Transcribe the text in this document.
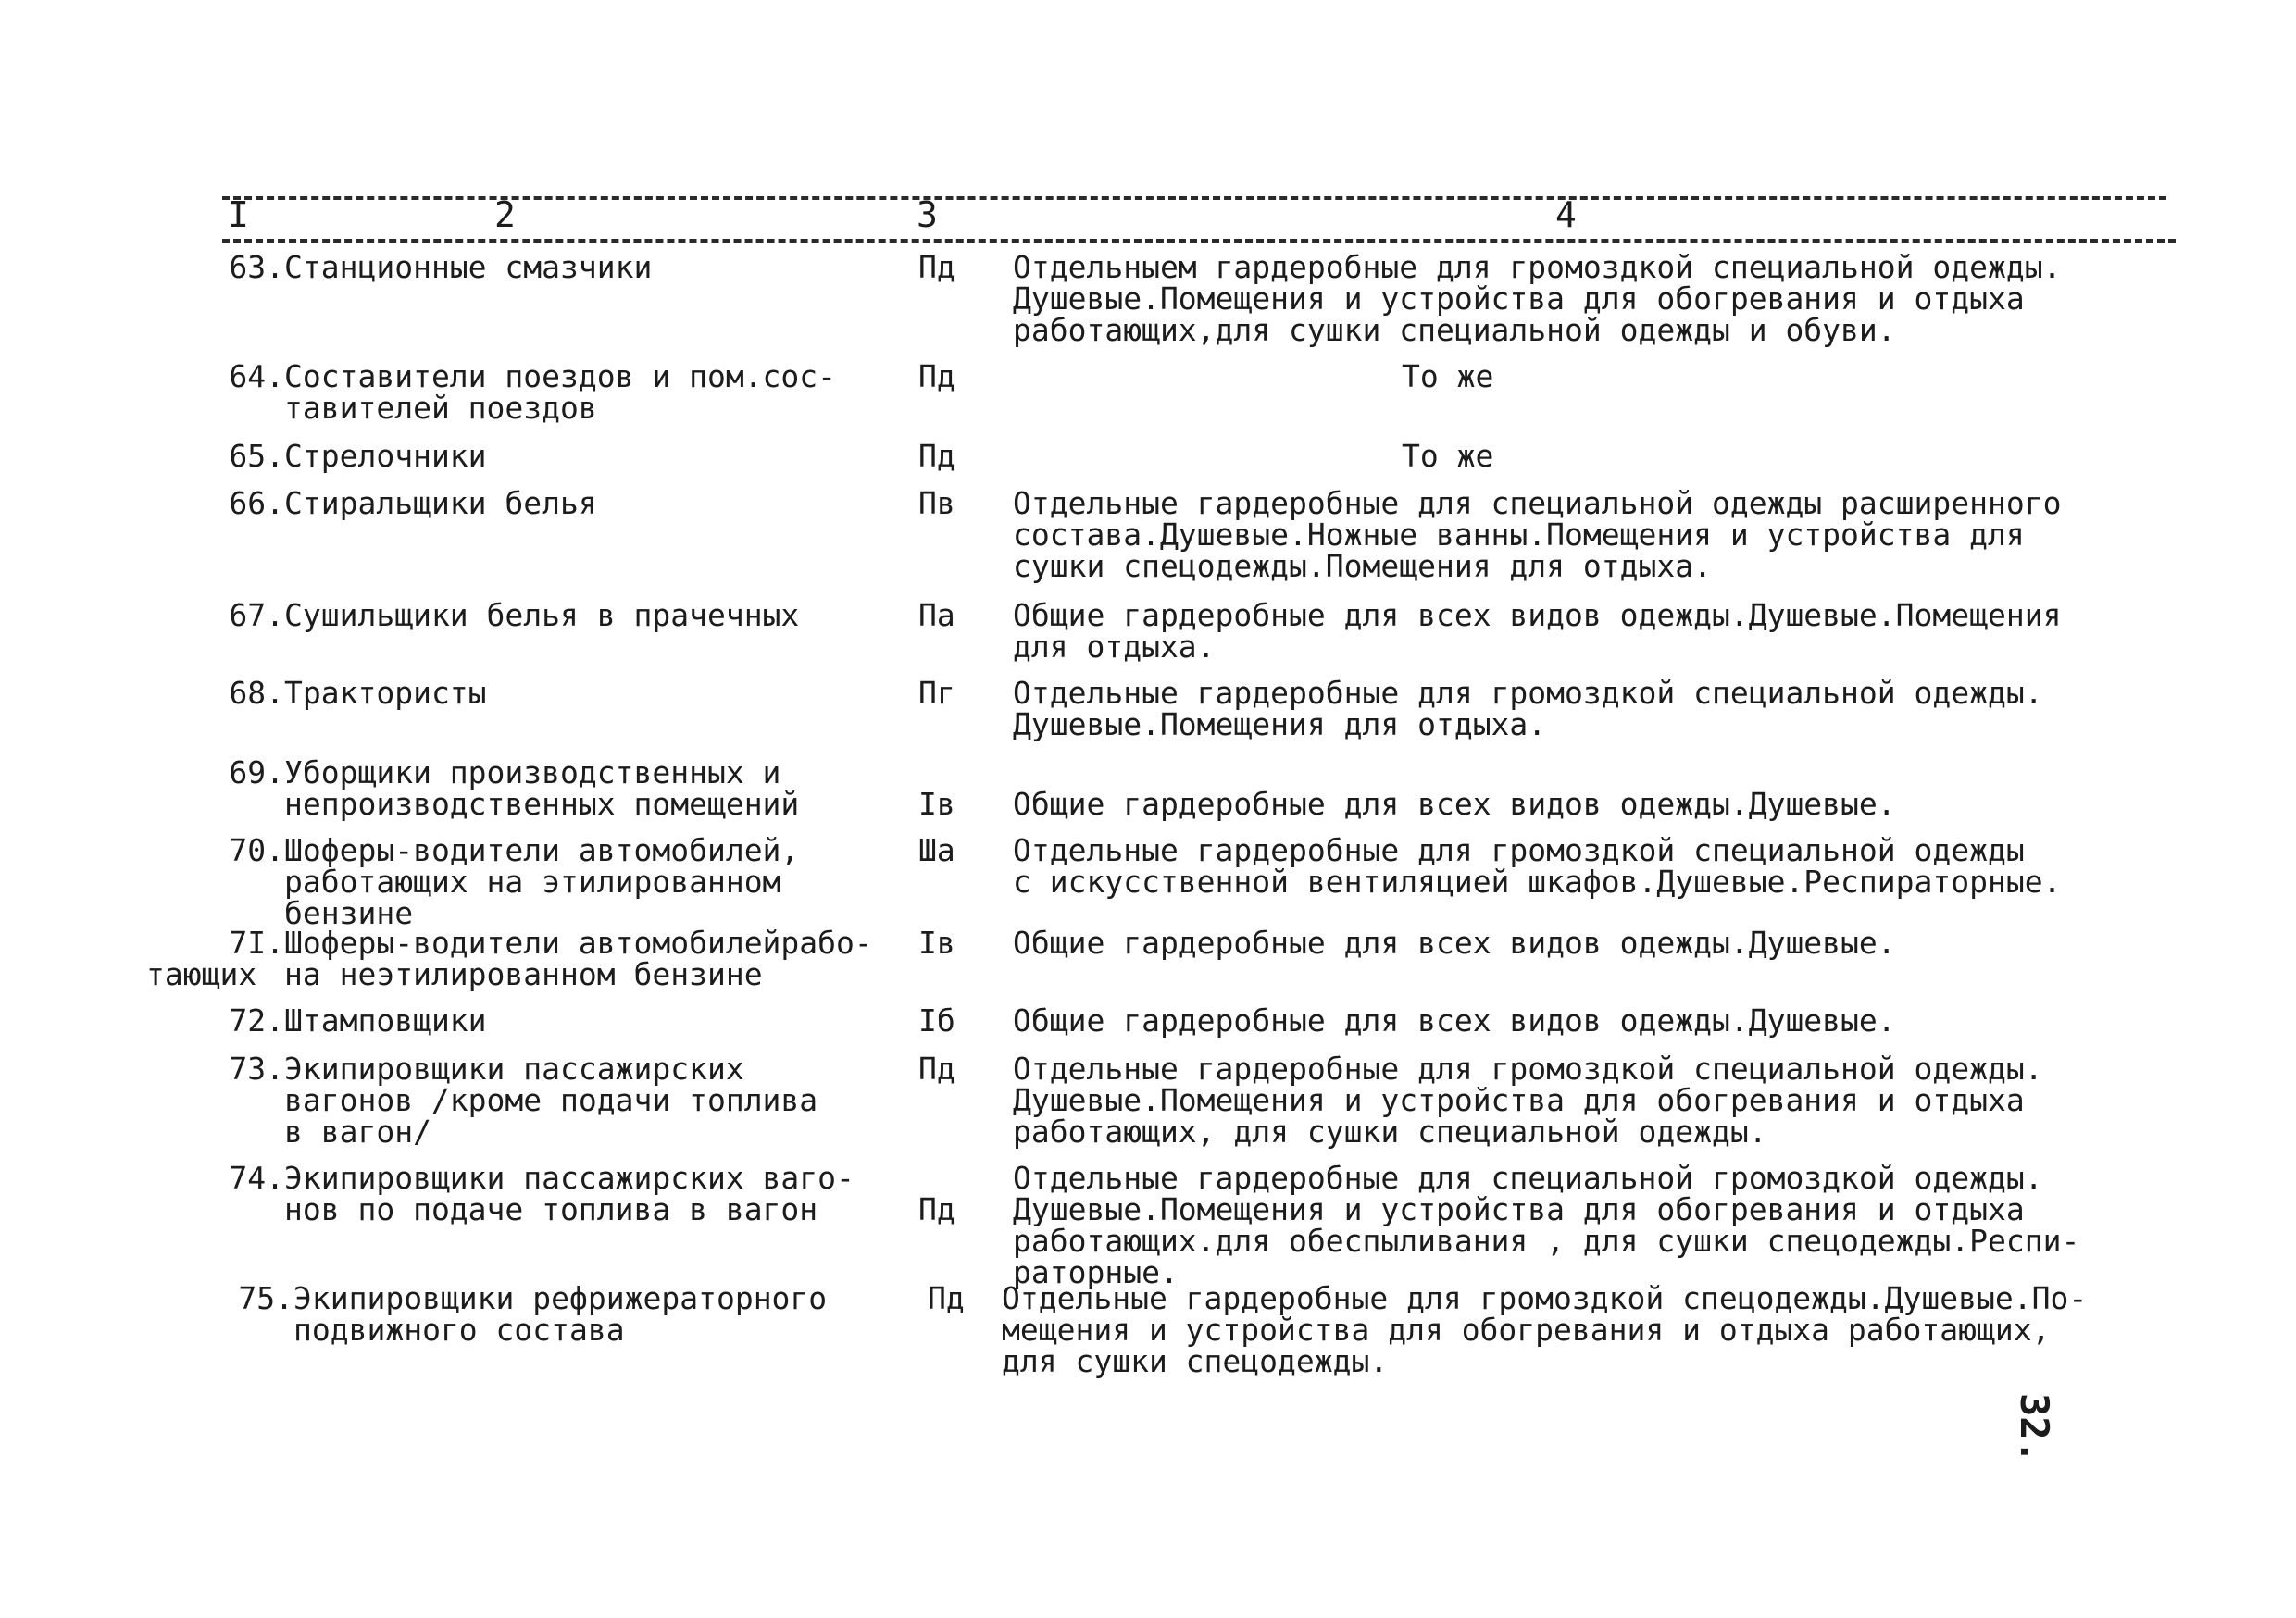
I	2	3	4
63. Станционные смазчики	Пд	Отдельныем гардеробные для громоздкой специальной одежды.
Душевые.Помещения и устройства для обогревания и отдыха
работающих,для сушки специальной одежды и обуви.
64. Составители поездов и пом.сос-
тавителей поездов
Пд	То же
65. Стрелочники	Пд	То же
66. Стиральщики белья	Пв	Отдельные гардеробные для специальной одежды расширенного
состава.Душевые.Ножные ванны.Помещения и устройства для
сушки спецодежды.Помещения для отдыха.
67. Сушильщики белья в прачечных	Па	Общие гардеробные для всех видов одежды.Душевые.Помещения
для отдыха.
68. Трактористы	Пг	Отдельные гардеробные для громоздкой специальной одежды.
Душевые.Помещения для отдыха.
69. Уборщики производственных и
непроизводственных помещений	Iв	Общие гардеробные для всех видов одежды.Душевые.
70. Шоферы-водители автомобилей,
работающих на этилированном
бензине
Ша	Отдельные гардеробные для громоздкой специальной одежды
с искусственной вентиляцией шкафов.Душевые.Респираторные.
7I. Шоферы-водители автомобилейрабо-
тающих на неэтилированном бензине
Iв	Общие гардеробные для всех видов одежды.Душевые.
72. Штамповщики	Iб	Общие гардеробные для всех видов одежды.Душевые.
73. Экипировщики пассажирских
вагонов /кроме подачи топлива
в вагон/
Пд	Отдельные гардеробные для громоздкой специальной одежды.
Душевые.Помещения и устройства для обогревания и отдыха
работающих, для сушки специальной одежды.
74. Экипировщики пассажирских ваго-
нов по подаче топлива в вагон	Пд
Отдельные гардеробные для специальной громоздкой одежды.
Душевые.Помещения и устройства для обогревания и отдыха
работающих.для обеспыливания , для сушки спецодежды.Респи-
раторные.
75. Экипировщики рефрижераторного
подвижного состава
Пд	Отдельные гардеробные для громоздкой спецодежды.Душевые.По-
мещения и устройства для обогревания и отдыха работающих,
для сушки спецодежды.
32.
